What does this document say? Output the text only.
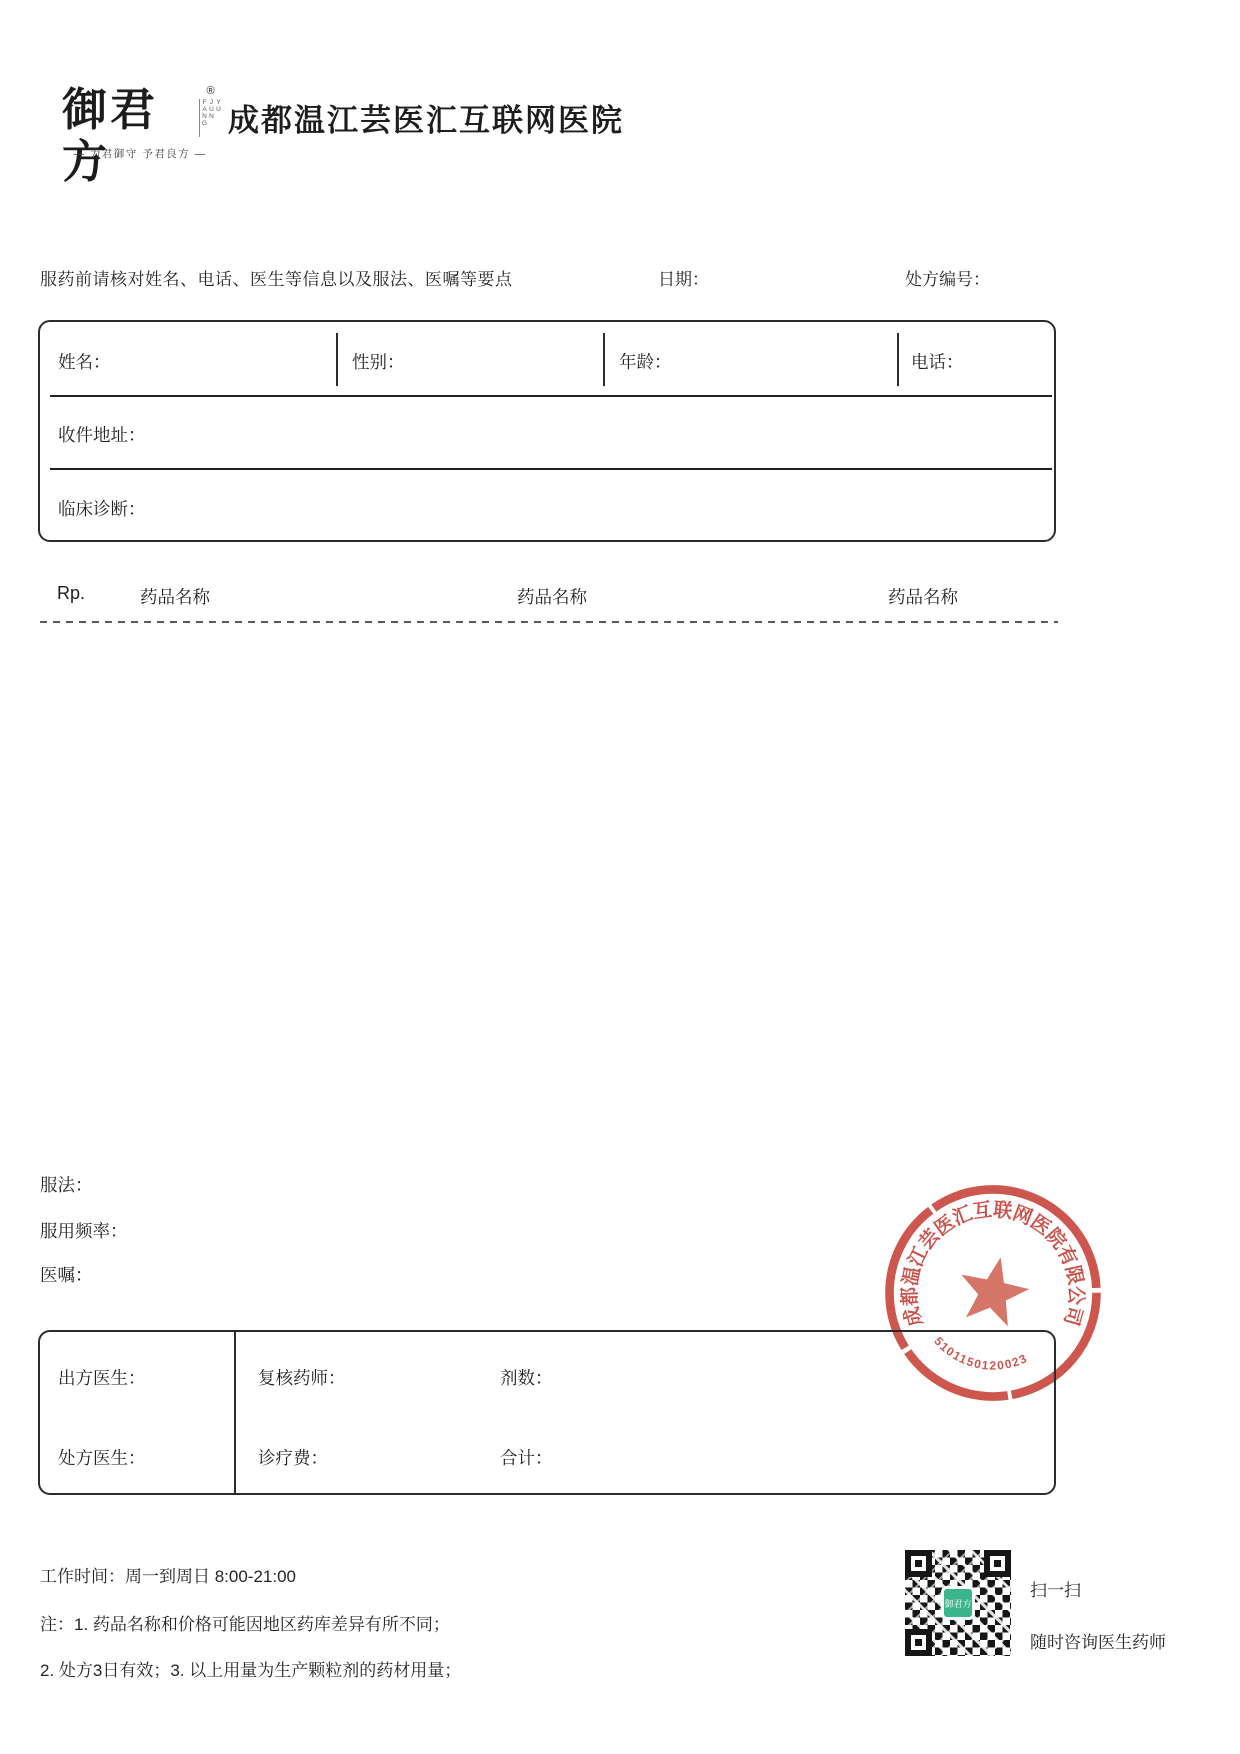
御君方
®
YU JUN FANG
— 为君御守 予君良方 —
成都温江芸医汇互联网医院
服药前请核对姓名、电话、医生等信息以及服法、医嘱等要点	日期：	处方编号：
姓名：	性别：	年龄：	电话：
收件地址：
临床诊断：
Rp.	药品名称	药品名称	药品名称
服法：
服用频率：
医嘱：
成都温江芸医汇互联网医院有限公司
5101150120023
出方医生：	复核药师：	剂数：
处方医生：	诊疗费：	合计：
工作时间：周一到周日 8:00-21:00
注：1. 药品名称和价格可能因地区药库差异有所不同；
2. 处方3日有效；3. 以上用量为生产颗粒剂的药材用量；
御君方
扫一扫
随时咨询医生药师
